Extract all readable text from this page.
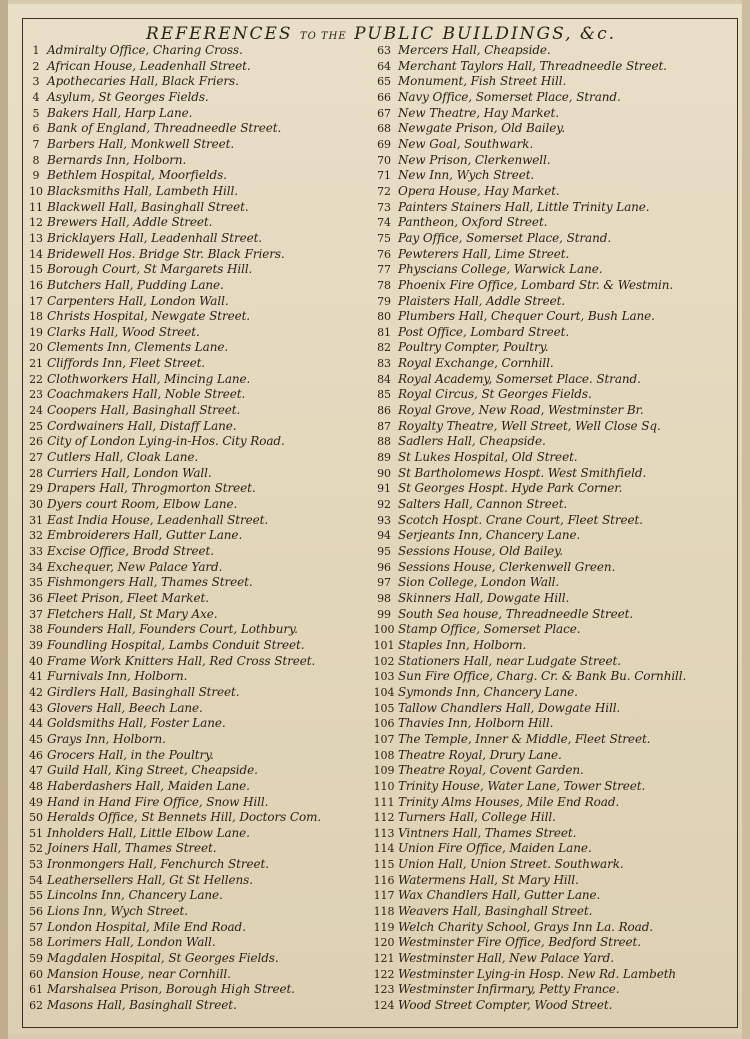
REFERENCES TO THE PUBLIC BUILDINGS, &c.
1 Admiralty Office, Charing Cross.
2 African House, Leadenhall Street.
3 Apothecaries Hall, Black Friers.
4 Asylum, St Georges Fields.
5 Bakers Hall, Harp Lane.
6 Bank of England, Threadneedle Street.
7 Barbers Hall, Monkwell Street.
8 Bernards Inn, Holborn.
9 Bethlem Hospital, Moorfields.
10 Blacksmiths Hall, Lambeth Hill.
11 Blackwell Hall, Basinghall Street.
12 Brewers Hall, Addle Street.
13 Bricklayers Hall, Leadenhall Street.
14 Bridewell Hos. Bridge Str. Black Friers.
15 Borough Court, St Margarets Hill.
16 Butchers Hall, Pudding Lane.
17 Carpenters Hall, London Wall.
18 Christs Hospital, Newgate Street.
19 Clarks Hall, Wood Street.
20 Clements Inn, Clements Lane.
21 Cliffords Inn, Fleet Street.
22 Clothworkers Hall, Mincing Lane.
23 Coachmakers Hall, Noble Street.
24 Coopers Hall, Basinghall Street.
25 Cordwainers Hall, Distaff Lane.
26 City of London Lying-in-Hos. City Road.
27 Cutlers Hall, Cloak Lane.
28 Curriers Hall, London Wall.
29 Drapers Hall, Throgmorton Street.
30 Dyers court Room, Elbow Lane.
31 East India House, Leadenhall Street.
32 Embroiderers Hall, Gutter Lane.
33 Excise Office, Brodd Street.
34 Exchequer, New Palace Yard.
35 Fishmongers Hall, Thames Street.
36 Fleet Prison, Fleet Market.
37 Fletchers Hall, St Mary Axe.
38 Founders Hall, Founders Court, Lothbury.
39 Foundling Hospital, Lambs Conduit Street.
40 Frame Work Knitters Hall, Red Cross Street.
41 Furnivals Inn, Holborn.
42 Girdlers Hall, Basinghall Street.
43 Glovers Hall, Beech Lane.
44 Goldsmiths Hall, Foster Lane.
45 Grays Inn, Holborn.
46 Grocers Hall, in the Poultry.
47 Guild Hall, King Street, Cheapside.
48 Haberdashers Hall, Maiden Lane.
49 Hand in Hand Fire Office, Snow Hill.
50 Heralds Office, St Bennets Hill, Doctors Com.
51 Inholders Hall, Little Elbow Lane.
52 Joiners Hall, Thames Street.
53 Ironmongers Hall, Fenchurch Street.
54 Leathersellers Hall, Gt St Hellens.
55 Lincolns Inn, Chancery Lane.
56 Lions Inn, Wych Street.
57 London Hospital, Mile End Road.
58 Lorimers Hall, London Wall.
59 Magdalen Hospital, St Georges Fields.
60 Mansion House, near Cornhill.
61 Marshalsea Prison, Borough High Street.
62 Masons Hall, Basinghall Street.
63 Mercers Hall, Cheapside.
64 Merchant Taylors Hall, Threadneedle Street.
65 Monument, Fish Street Hill.
66 Navy Office, Somerset Place, Strand.
67 New Theatre, Hay Market.
68 Newgate Prison, Old Bailey.
69 New Goal, Southwark.
70 New Prison, Clerkenwell.
71 New Inn, Wych Street.
72 Opera House, Hay Market.
73 Painters Stainers Hall, Little Trinity Lane.
74 Pantheon, Oxford Street.
75 Pay Office, Somerset Place, Strand.
76 Pewterers Hall, Lime Street.
77 Physcians College, Warwick Lane.
78 Phoenix Fire Office, Lombard Str. & Westmin.
79 Plaisters Hall, Addle Street.
80 Plumbers Hall, Chequer Court, Bush Lane.
81 Post Office, Lombard Street.
82 Poultry Compter, Poultry.
83 Royal Exchange, Cornhill.
84 Royal Academy, Somerset Place. Strand.
85 Royal Circus, St Georges Fields.
86 Royal Grove, New Road, Westminster Br.
87 Royalty Theatre, Well Street, Well Close Sq.
88 Sadlers Hall, Cheapside.
89 St Lukes Hospital, Old Street.
90 St Bartholomews Hospt. West Smithfield.
91 St Georges Hospt. Hyde Park Corner.
92 Salters Hall, Cannon Street.
93 Scotch Hospt. Crane Court, Fleet Street.
94 Serjeants Inn, Chancery Lane.
95 Sessions House, Old Bailey.
96 Sessions House, Clerkenwell Green.
97 Sion College, London Wall.
98 Skinners Hall, Dowgate Hill.
99 South Sea house, Threadneedle Street.
100 Stamp Office, Somerset Place.
101 Staples Inn, Holborn.
102 Stationers Hall, near Ludgate Street.
103 Sun Fire Office, Charg. Cr. & Bank Bu. Cornhill.
104 Symonds Inn, Chancery Lane.
105 Tallow Chandlers Hall, Dowgate Hill.
106 Thavies Inn, Holborn Hill.
107 The Temple, Inner & Middle, Fleet Street.
108 Theatre Royal, Drury Lane.
109 Theatre Royal, Covent Garden.
110 Trinity House, Water Lane, Tower Street.
111 Trinity Alms Houses, Mile End Road.
112 Turners Hall, College Hill.
113 Vintners Hall, Thames Street.
114 Union Fire Office, Maiden Lane.
115 Union Hall, Union Street. Southwark.
116 Watermens Hall, St Mary Hill.
117 Wax Chandlers Hall, Gutter Lane.
118 Weavers Hall, Basinghall Street.
119 Welch Charity School, Grays Inn La. Road.
120 Westminster Fire Office, Bedford Street.
121 Westminster Hall, New Palace Yard.
122 Westminster Lying-in Hosp. New Rd. Lambeth
123 Westminster Infirmary, Petty France.
124 Wood Street Compter, Wood Street.
